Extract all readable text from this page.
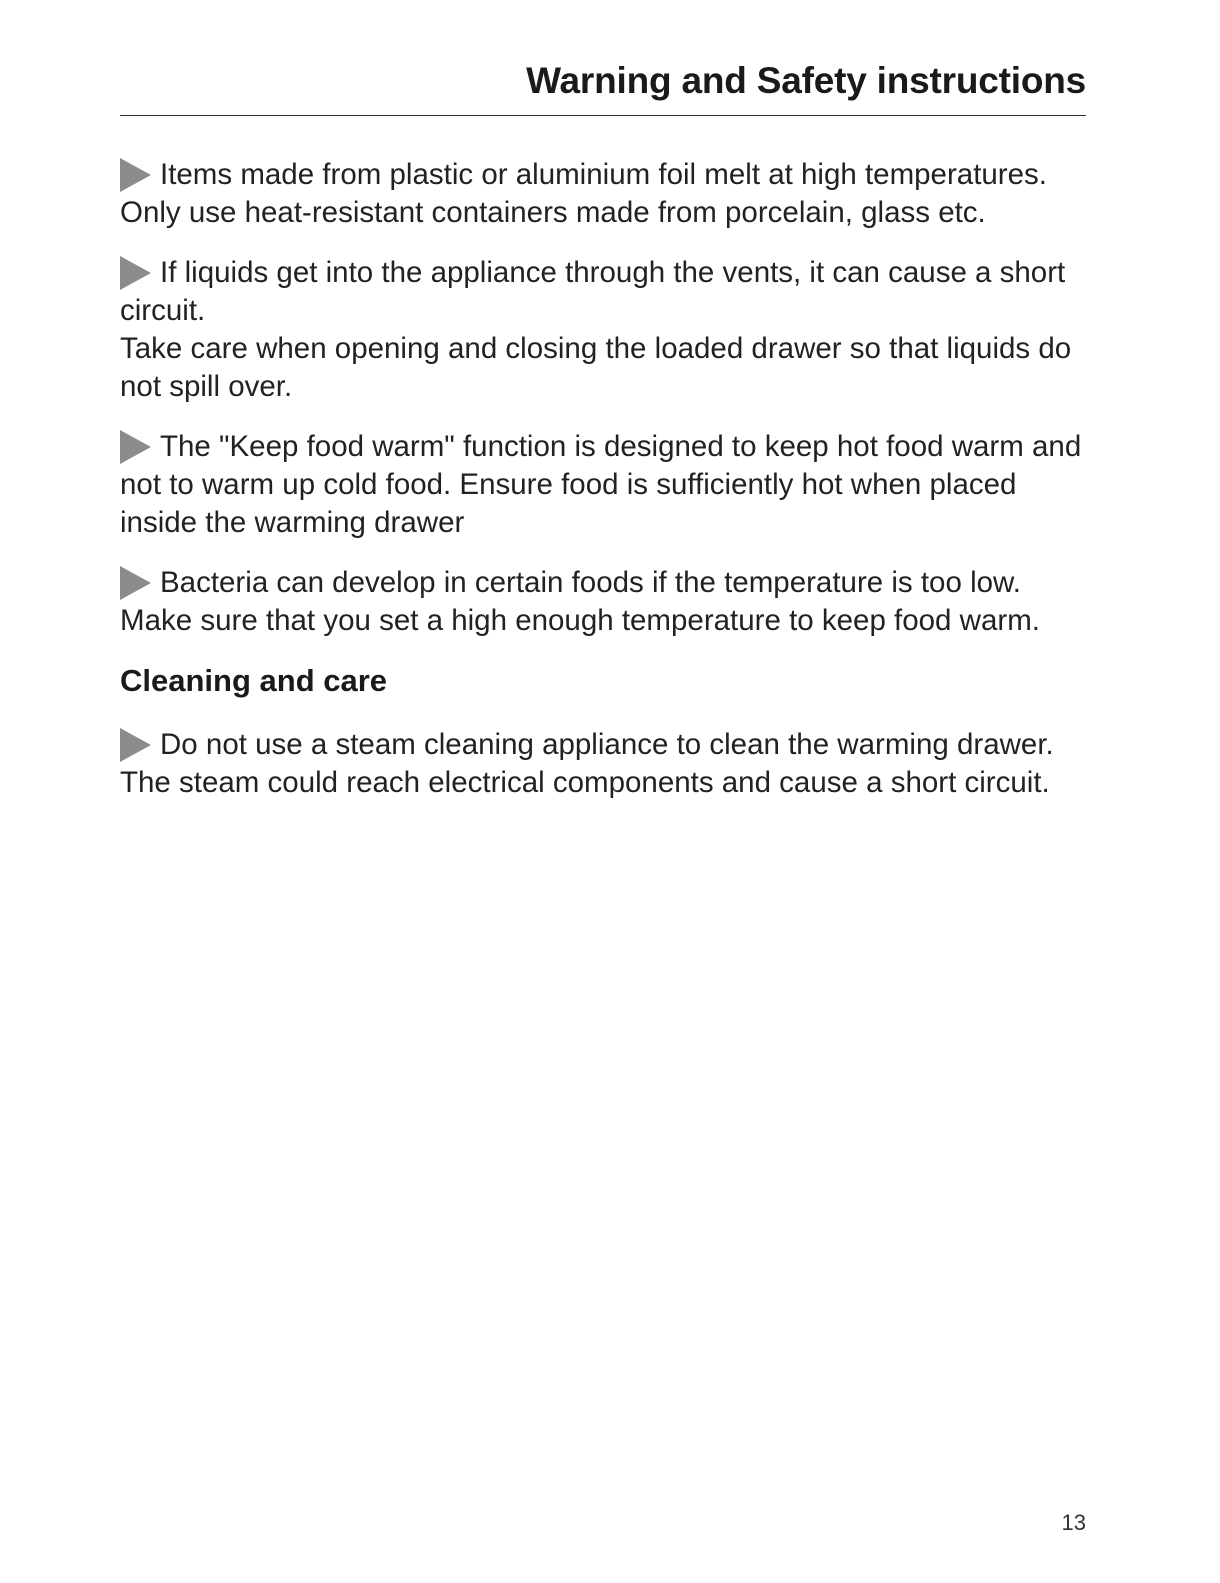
Warning and Safety instructions

Items made from plastic or aluminium foil melt at high temperatures. Only use heat-resistant containers made from porcelain, glass etc.

If liquids get into the appliance through the vents, it can cause a short circuit.

Take care when opening and closing the loaded drawer so that liquids do not spill over.

The "Keep food warm" function is designed to keep hot food warm and not to warm up cold food. Ensure food is sufficiently hot when placed inside the warming drawer

Bacteria can develop in certain foods if the temperature is too low. Make sure that you set a high enough temperature to keep food warm.

Cleaning and care

Do not use a steam cleaning appliance to clean the warming drawer.

The steam could reach electrical components and cause a short circuit.

13
